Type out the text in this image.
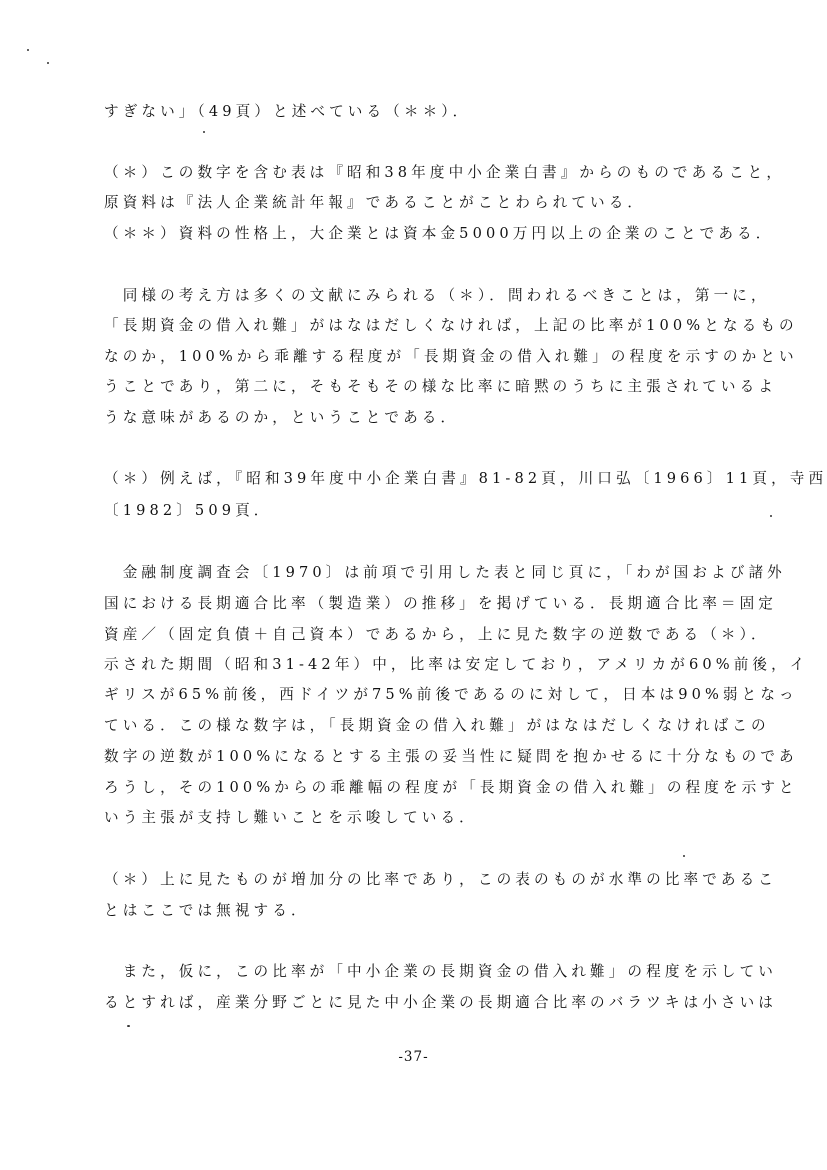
すぎない」（49頁）と述べている（＊＊）．
（＊）この数字を含む表は『昭和38年度中小企業白書』からのものであること，
原資料は『法人企業統計年報』であることがことわられている．
（＊＊）資料の性格上，大企業とは資本金5000万円以上の企業のことである．
　同様の考え方は多くの文献にみられる（＊）．問われるべきことは，第一に，
「長期資金の借入れ難」がはなはだしくなければ，上記の比率が100%となるもの
なのか，100%から乖離する程度が「長期資金の借入れ難」の程度を示すのかとい
うことであり，第二に，そもそもその様な比率に暗黙のうちに主張されているよ
うな意味があるのか，ということである．
（＊）例えば，『昭和39年度中小企業白書』81-82頁，川口弘〔1966〕11頁，寺西
〔1982〕509頁．
　金融制度調査会〔1970〕は前項で引用した表と同じ頁に，「わが国および諸外
国における長期適合比率（製造業）の推移」を掲げている．長期適合比率＝固定
資産／（固定負債＋自己資本）であるから，上に見た数字の逆数である（＊）．
示された期間（昭和31-42年）中，比率は安定しており，アメリカが60%前後，イ
ギリスが65%前後，西ドイツが75%前後であるのに対して，日本は90%弱となっ
ている．この様な数字は，「長期資金の借入れ難」がはなはだしくなければこの
数字の逆数が100%になるとする主張の妥当性に疑問を抱かせるに十分なものであ
ろうし，その100%からの乖離幅の程度が「長期資金の借入れ難」の程度を示すと
いう主張が支持し難いことを示唆している．
（＊）上に見たものが増加分の比率であり，この表のものが水準の比率であるこ
とはここでは無視する．
　また，仮に，この比率が「中小企業の長期資金の借入れ難」の程度を示してい
るとすれば，産業分野ごとに見た中小企業の長期適合比率のバラツキは小さいは
-37-
